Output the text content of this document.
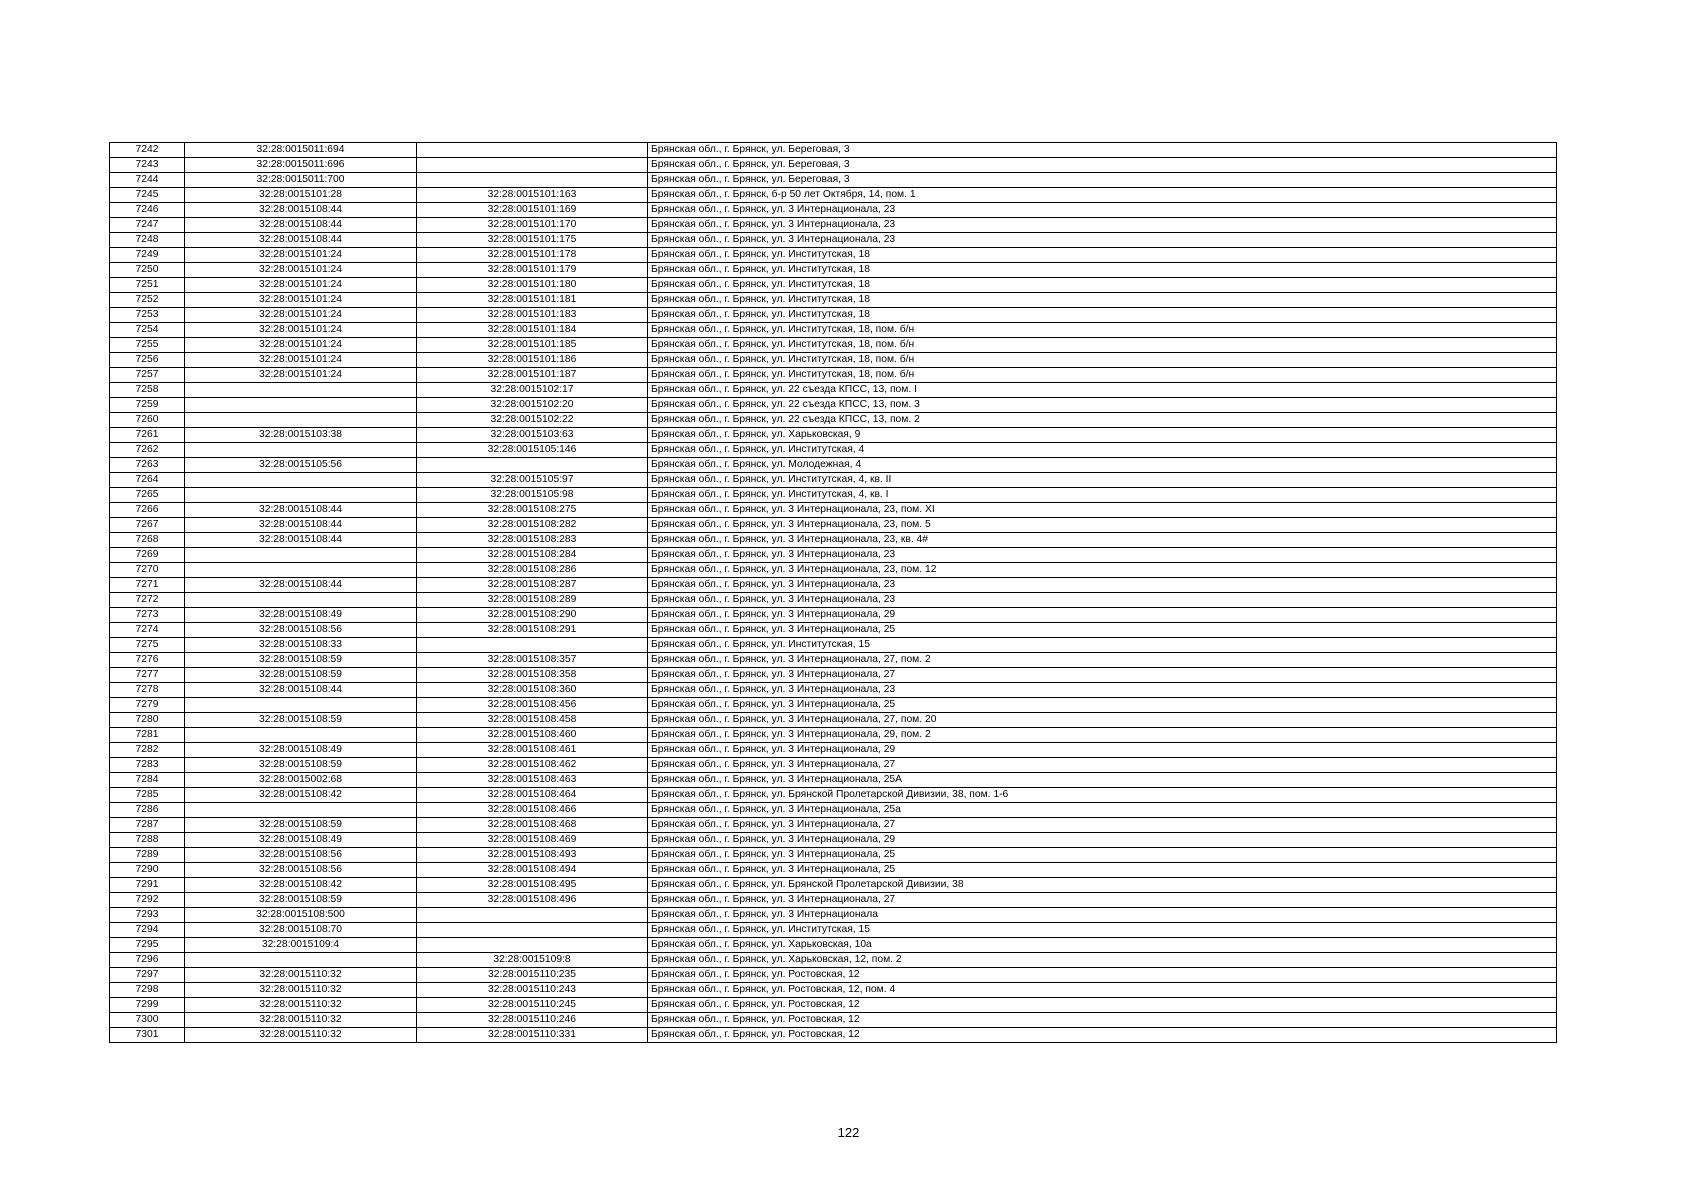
7242	32:28:0015011:694		Брянская обл., г. Брянск, ул. Береговая, 3
7243	32:28:0015011:696		Брянская обл., г. Брянск, ул. Береговая, 3
7244	32:28:0015011:700		Брянская обл., г. Брянск, ул. Береговая, 3
7245	32:28:0015101:28	32:28:0015101:163	Брянская обл., г. Брянск, б-р 50 лет Октября, 14, пом. 1
7246	32:28:0015108:44	32:28:0015101:169	Брянская обл., г. Брянск, ул. 3 Интернационала, 23
7247	32:28:0015108:44	32:28:0015101:170	Брянская обл., г. Брянск, ул. 3 Интернационала, 23
7248	32:28:0015108:44	32:28:0015101:175	Брянская обл., г. Брянск, ул. 3 Интернационала, 23
7249	32:28:0015101:24	32:28:0015101:178	Брянская обл., г. Брянск, ул. Институтская, 18
7250	32:28:0015101:24	32:28:0015101:179	Брянская обл., г. Брянск, ул. Институтская, 18
7251	32:28:0015101:24	32:28:0015101:180	Брянская обл., г. Брянск, ул. Институтская, 18
7252	32:28:0015101:24	32:28:0015101:181	Брянская обл., г. Брянск, ул. Институтская, 18
7253	32:28:0015101:24	32:28:0015101:183	Брянская обл., г. Брянск, ул. Институтская, 18
7254	32:28:0015101:24	32:28:0015101:184	Брянская обл., г. Брянск, ул. Институтская, 18, пом. б/н
7255	32:28:0015101:24	32:28:0015101:185	Брянская обл., г. Брянск, ул. Институтская, 18, пом. б/н
7256	32:28:0015101:24	32:28:0015101:186	Брянская обл., г. Брянск, ул. Институтская, 18, пом. б/н
7257	32:28:0015101:24	32:28:0015101:187	Брянская обл., г. Брянск, ул. Институтская, 18, пом. б/н
7258		32:28:0015102:17	Брянская обл., г. Брянск, ул. 22 съезда КПСС, 13, пом. I
7259		32:28:0015102:20	Брянская обл., г. Брянск, ул. 22 съезда КПСС, 13, пом. 3
7260		32:28:0015102:22	Брянская обл., г. Брянск, ул. 22 съезда КПСС, 13, пом. 2
7261	32:28:0015103:38	32:28:0015103:63	Брянская обл., г. Брянск, ул. Харьковская, 9
7262		32:28:0015105:146	Брянская обл., г. Брянск, ул. Институтская, 4
7263	32:28:0015105:56		Брянская обл., г. Брянск, ул. Молодежная, 4
7264		32:28:0015105:97	Брянская обл., г. Брянск, ул. Институтская, 4, кв. II
7265		32:28:0015105:98	Брянская обл., г. Брянск, ул. Институтская, 4, кв. I
7266	32:28:0015108:44	32:28:0015108:275	Брянская обл., г. Брянск, ул. 3 Интернационала, 23, пом. XI
7267	32:28:0015108:44	32:28:0015108:282	Брянская обл., г. Брянск, ул. 3 Интернационала, 23, пом. 5
7268	32:28:0015108:44	32:28:0015108:283	Брянская обл., г. Брянск, ул. 3 Интернационала, 23, кв. 4#
7269		32:28:0015108:284	Брянская обл., г. Брянск, ул. 3 Интернационала, 23
7270		32:28:0015108:286	Брянская обл., г. Брянск, ул. 3 Интернационала, 23, пом. 12
7271	32:28:0015108:44	32:28:0015108:287	Брянская обл., г. Брянск, ул. 3 Интернационала, 23
7272		32:28:0015108:289	Брянская обл., г. Брянск, ул. 3 Интернационала, 23
7273	32:28:0015108:49	32:28:0015108:290	Брянская обл., г. Брянск, ул. 3 Интернационала, 29
7274	32:28:0015108:56	32:28:0015108:291	Брянская обл., г. Брянск, ул. 3 Интернационала, 25
7275	32:28:0015108:33		Брянская обл., г. Брянск, ул. Институтская, 15
7276	32:28:0015108:59	32:28:0015108:357	Брянская обл., г. Брянск, ул. 3 Интернационала, 27, пом. 2
7277	32:28:0015108:59	32:28:0015108:358	Брянская обл., г. Брянск, ул. 3 Интернационала, 27
7278	32:28:0015108:44	32:28:0015108:360	Брянская обл., г. Брянск, ул. 3 Интернационала, 23
7279		32:28:0015108:456	Брянская обл., г. Брянск, ул. 3 Интернационала, 25
7280	32:28:0015108:59	32:28:0015108:458	Брянская обл., г. Брянск, ул. 3 Интернационала, 27, пом. 20
7281		32:28:0015108:460	Брянская обл., г. Брянск, ул. 3 Интернационала, 29, пом. 2
7282	32:28:0015108:49	32:28:0015108:461	Брянская обл., г. Брянск, ул. 3 Интернационала, 29
7283	32:28:0015108:59	32:28:0015108:462	Брянская обл., г. Брянск, ул. 3 Интернационала, 27
7284	32:28:0015002:68	32:28:0015108:463	Брянская обл., г. Брянск, ул. 3 Интернационала, 25А
7285	32:28:0015108:42	32:28:0015108:464	Брянская обл., г. Брянск, ул. Брянской Пролетарской Дивизии, 38, пом. 1-6
7286		32:28:0015108:466	Брянская обл., г. Брянск, ул. 3 Интернационала, 25а
7287	32:28:0015108:59	32:28:0015108:468	Брянская обл., г. Брянск, ул. 3 Интернационала, 27
7288	32:28:0015108:49	32:28:0015108:469	Брянская обл., г. Брянск, ул. 3 Интернационала, 29
7289	32:28:0015108:56	32:28:0015108:493	Брянская обл., г. Брянск, ул. 3 Интернационала, 25
7290	32:28:0015108:56	32:28:0015108:494	Брянская обл., г. Брянск, ул. 3 Интернационала, 25
7291	32:28:0015108:42	32:28:0015108:495	Брянская обл., г. Брянск, ул. Брянской Пролетарской Дивизии, 38
7292	32:28:0015108:59	32:28:0015108:496	Брянская обл., г. Брянск, ул. 3 Интернационала, 27
7293	32:28:0015108:500		Брянская обл., г. Брянск, ул. 3 Интернационала
7294	32:28:0015108:70		Брянская обл., г. Брянск, ул. Институтская, 15
7295	32:28:0015109:4		Брянская обл., г. Брянск, ул. Харьковская, 10а
7296		32:28:0015109:8	Брянская обл., г. Брянск, ул. Харьковская, 12, пом. 2
7297	32:28:0015110:32	32:28:0015110:235	Брянская обл., г. Брянск, ул. Ростовская, 12
7298	32:28:0015110:32	32:28:0015110:243	Брянская обл., г. Брянск, ул. Ростовская, 12, пом. 4
7299	32:28:0015110:32	32:28:0015110:245	Брянская обл., г. Брянск, ул. Ростовская, 12
7300	32:28:0015110:32	32:28:0015110:246	Брянская обл., г. Брянск, ул. Ростовская, 12
7301	32:28:0015110:32	32:28:0015110:331	Брянская обл., г. Брянск, ул. Ростовская, 12
122
